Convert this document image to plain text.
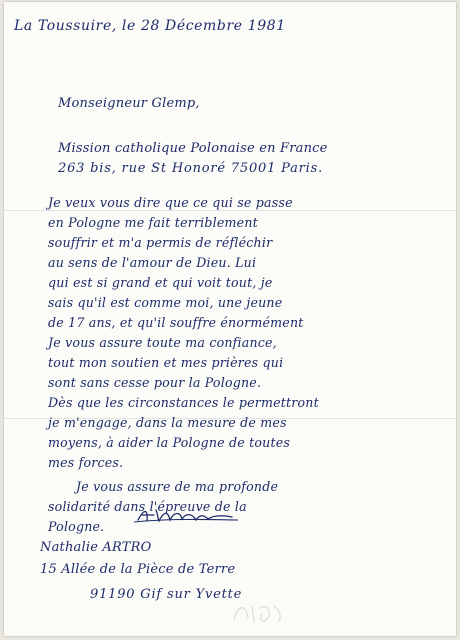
La Toussuire, le 28 Décembre 1981
Monseigneur Glemp,
Mission catholique Polonaise en France
263 bis, rue St Honoré 75001 Paris.
Je veux vous dire que ce qui se passe
en Pologne me fait terriblement
souffrir et m'a permis de réfléchir
au sens de l'amour de Dieu. Lui
qui est si grand et qui voit tout, je
sais qu'il est comme moi, une jeune
de 17 ans, et qu'il souffre énormément
Je vous assure toute ma confiance,
tout mon soutien et mes prières qui
sont sans cesse pour la Pologne.
Dès que les circonstances le permettront
je m'engage, dans la mesure de mes
moyens, à aider la Pologne de toutes
mes forces.
Je vous assure de ma profonde
solidarité dans l'épreuve de la
Pologne.
Nathalie ARTRO
15 Allée de la Pièce de Terre
91190 Gif sur Yvette
